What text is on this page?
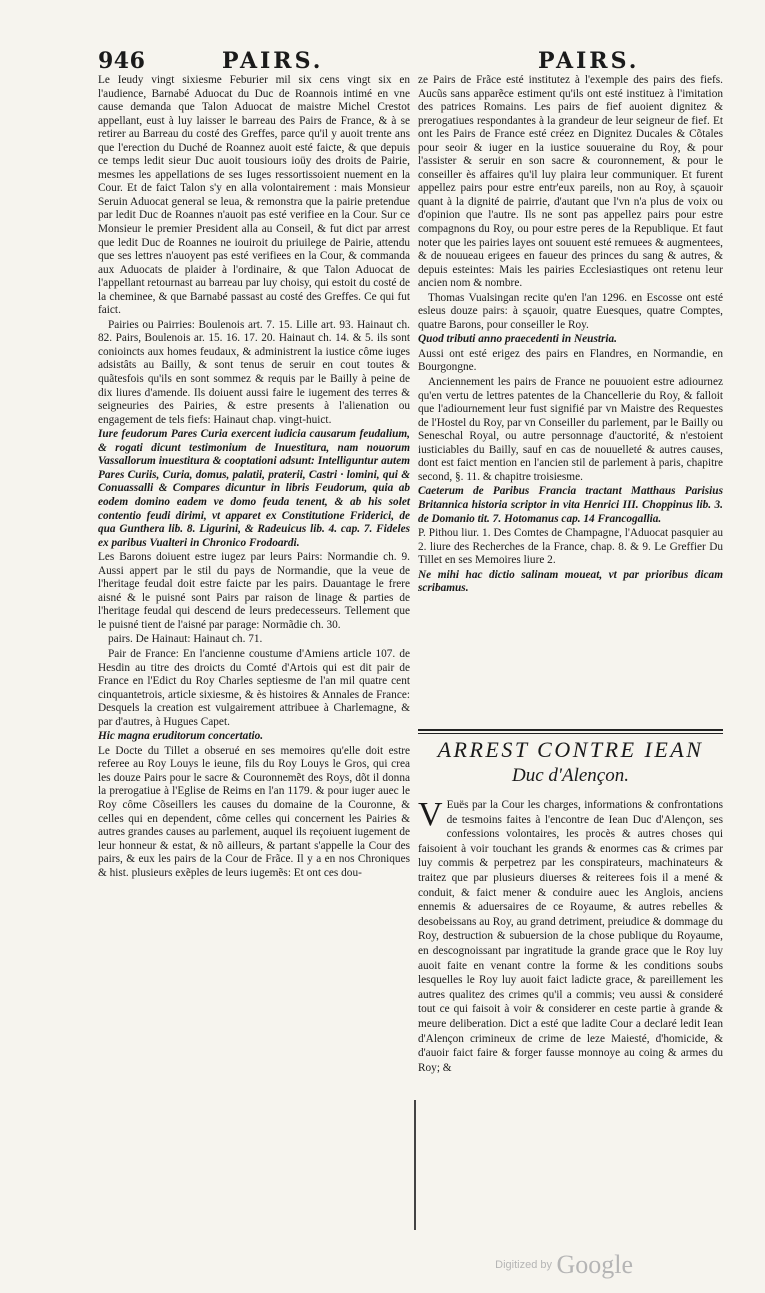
946	PAIRS.	PAIRS.

Le Ieudy vingt sixiesme Feburier mil six cens vingt six en l'audience, Barnabé Aduocat du Duc de Roannois intimé en vne cause demanda que Talon Aduocat de maistre Michel Crestot appellant, eust à luy laisser le barreau des Pairs de France, & à se retirer au Barreau du costé des Greffes, parce qu'il y auoit trente ans que l'erection du Duché de Roannez auoit esté faicte, & que depuis ce temps ledit sieur Duc auoit tousiours ioüy des droits de Pairie, mesmes les appellations de ses Iuges ressortissoient nuement en la Cour. Et de faict Talon s'y en alla volontairement : mais Monsieur Seruin Aduocat general se leua, & remonstra que la pairie pretendue par ledit Duc de Roannes n'auoit pas esté verifiee en la Cour. Sur ce Monsieur le premier President alla au Conseil, & fut dict par arrest que ledit Duc de Roannes ne iouiroit du priuilege de Pairie, attendu que ses lettres n'auoyent pas esté verifiees en la Cour, & commanda aux Aduocats de plaider à l'ordinaire, & que Talon Aduocat de l'appellant retournast au barreau par luy choisy, qui estoit du costé de la cheminee, & que Barnabé passast au costé des Greffes. Ce qui fut faict.

Pairies ou Pairries: Boulenois art. 7. 15. Lille art. 93. Hainaut ch. 82. Pairs, Boulenois ar. 15. 16. 17. 20. Hainaut ch. 14. & 5. ils sont conioincts aux homes feudaux, & administrent la iustice côme iuges adsistâts au Bailly, & sont tenus de seruir en cout toutes & quãtesfois qu'ils en sont sommez & requis par le Bailly à peine de dix liures d'amende. Ils doiuent aussi faire le iugement des terres & seigneuries des Pairies, & estre presents à l'alienation ou engagement de tels fiefs: Hainaut chap. vingt-huict.

Iure feudorum Pares Curia exercent iudicia causarum feudalium, & rogati dicunt testimonium de Inuestitura, nam nouorum Vassallorum inuestitura & cooptationi adsunt: Intelliguntur autem Pares Curiis, Curia, domus, palatii, praterii, Castri · lomini, qui & Conuassalli & Compares dicuntur in libris Feudorum, quia ab eodem domino eadem ve domo feuda tenent, & ab his solet contentio feudi dirimi, vt apparet ex Constitutione Friderici, de qua Gunthera lib. 8. Ligurini, & Radeuicus lib. 4. cap. 7. Fideles ex paribus Vualteri in Chronico Frodoardi.

Les Barons doiuent estre iugez par leurs Pairs: Normandie ch. 9. Aussi appert par le stil du pays de Normandie, que la veue de l'heritage feudal doit estre faicte par les pairs. Dauantage le frere aisné & le puisné sont Pairs par raison de linage & parties de l'heritage feudal qui descend de leurs predecesseurs. Tellement que le puisné tient de l'aisné par parage: Normãdie ch. 30.

pairs. De Hainaut: Hainaut ch. 71.

Pair de France: En l'ancienne coustume d'Amiens article 107. de Hesdin au titre des droicts du Comté d'Artois qui est dit pair de France en l'Edict du Roy Charles septiesme de l'an mil quatre cent cinquantetrois, article sixiesme, & ès histoires & Annales de France: Desquels la creation est vulgairement attribuee à Charlemagne, & par d'autres, à Hugues Capet.

Hic magna eruditorum concertatio.

Le Docte du Tillet a obserué en ses memoires qu'elle doit estre referee au Roy Louys le ieune, fils du Roy Louys le Gros, qui crea les douze Pairs pour le sacre & Couronnemẽt des Roys, dõt il donna la prerogatiue à l'Eglise de Reims en l'an 1179. & pour iuger auec le Roy côme Cõseillers les causes du domaine de la Couronne, & celles qui en dependent, côme celles qui concernent les Pairies & autres grandes causes au parlement, auquel ils reçoiuent iugement de leur honneur & estat, & nõ ailleurs, & partant s'appelle la Cour des pairs, & eux les pairs de la Cour de Frãce. Il y a en nos Chroniques & hist. plusieurs exẽples de leurs iugemẽs: Et ont ces dou-

ze Pairs de Frãce esté institutez à l'exemple des pairs des fiefs. Aucũs sans apparẽce estiment qu'ils ont esté instituez à l'imitation des patrices Romains. Les pairs de fief auoient dignitez & prerogatiues respondantes à la grandeur de leur seigneur de fief. Et ont les Pairs de France esté créez en Dignitez Ducales & Cõtales pour seoir & iuger en la iustice souueraine du Roy, & pour l'assister & seruir en son sacre & couronnement, & pour le conseiller ès affaires qu'il luy plaira leur communiquer. Et furent appellez pairs pour estre entr'eux pareils, non au Roy, à sçauoir quant à la dignité de pairrie, d'autant que l'vn n'a plus de voix ou d'opinion que l'autre. Ils ne sont pas appellez pairs pour estre compagnons du Roy, ou pour estre peres de la Republique. Et faut noter que les pairies layes ont souuent esté remuees & augmentees, & de nouueau erigees en faueur des princes du sang & autres, & depuis esteintes: Mais les pairies Ecclesiastiques ont retenu leur ancien nom & nombre.

Thomas Vualsingan recite qu'en l'an 1296. en Escosse ont esté esleus douze pairs: à sçauoir, quatre Euesques, quatre Comptes, quatre Barons, pour conseiller le Roy.

Quod tributi anno praecedenti in Neustria.

Aussi ont esté erigez des pairs en Flandres, en Normandie, en Bourgongne.

Anciennement les pairs de France ne pouuoient estre adiournez qu'en vertu de lettres patentes de la Chancellerie du Roy, & falloit que l'adiournement leur fust signifié par vn Maistre des Requestes de l'Hostel du Roy, par vn Conseiller du parlement, par le Bailly ou Seneschal Royal, ou autre personnage d'auctorité, & n'estoient iusticiables du Bailly, sauf en cas de nouuelleté & autres causes, dont est faict mention en l'ancien stil de parlement à paris, chapitre second, §. 11. & chapitre troisiesme.

Caeterum de Paribus Francia tractant Matthaus Parisius Britannica historia scriptor in vita Henrici III. Choppinus lib. 3. de Domanio tit. 7. Hotomanus cap. 14 Francogallia.

P. Pithou liur. 1. Des Comtes de Champagne, l'Aduocat pasquier au 2. liure des Recherches de la France, chap. 8. & 9. Le Greffier Du Tillet en ses Memoires liure 2.

Ne mihi hac dictio salinam moueat, vt par prioribus dicam scribamus.

ARREST CONTRE IEAN
Duc d'Alençon.
V Euës par la Cour les charges, informations & confrontations de tesmoins faites à l'encontre de Iean Duc d'Alençon, ses confessions volontaires, les procès & autres choses qui faisoient à voir touchant les grands & enormes cas & crimes par luy commis & perpetrez par les conspirateurs, machinateurs & traitez que par plusieurs diuerses & reiterees fois il a mené & conduit, & faict mener & conduire auec les Anglois, anciens ennemis & aduersaires de ce Royaume, & autres rebelles & desobeissans au Roy, au grand detriment, preiudice & dommage du Roy, destruction & subuersion de la chose publique du Royaume, en descognoissant par ingratitude la grande grace que le Roy luy auoit faite en venant contre la forme & les conditions soubs lesquelles le Roy luy auoit faict ladicte grace, & pareillement les autres qualitez des crimes qu'il a commis; veu aussi & consideré tout ce qui faisoit à voir & considerer en ceste partie à grande & meure deliberation. Dict a esté que ladite Cour a declaré ledit Iean d'Alençon crimineux de crime de leze Maiesté, d'homicide, & d'auoir faict faire & forger fausse monnoye au coing & armes du Roy; &
Digitized by Google
